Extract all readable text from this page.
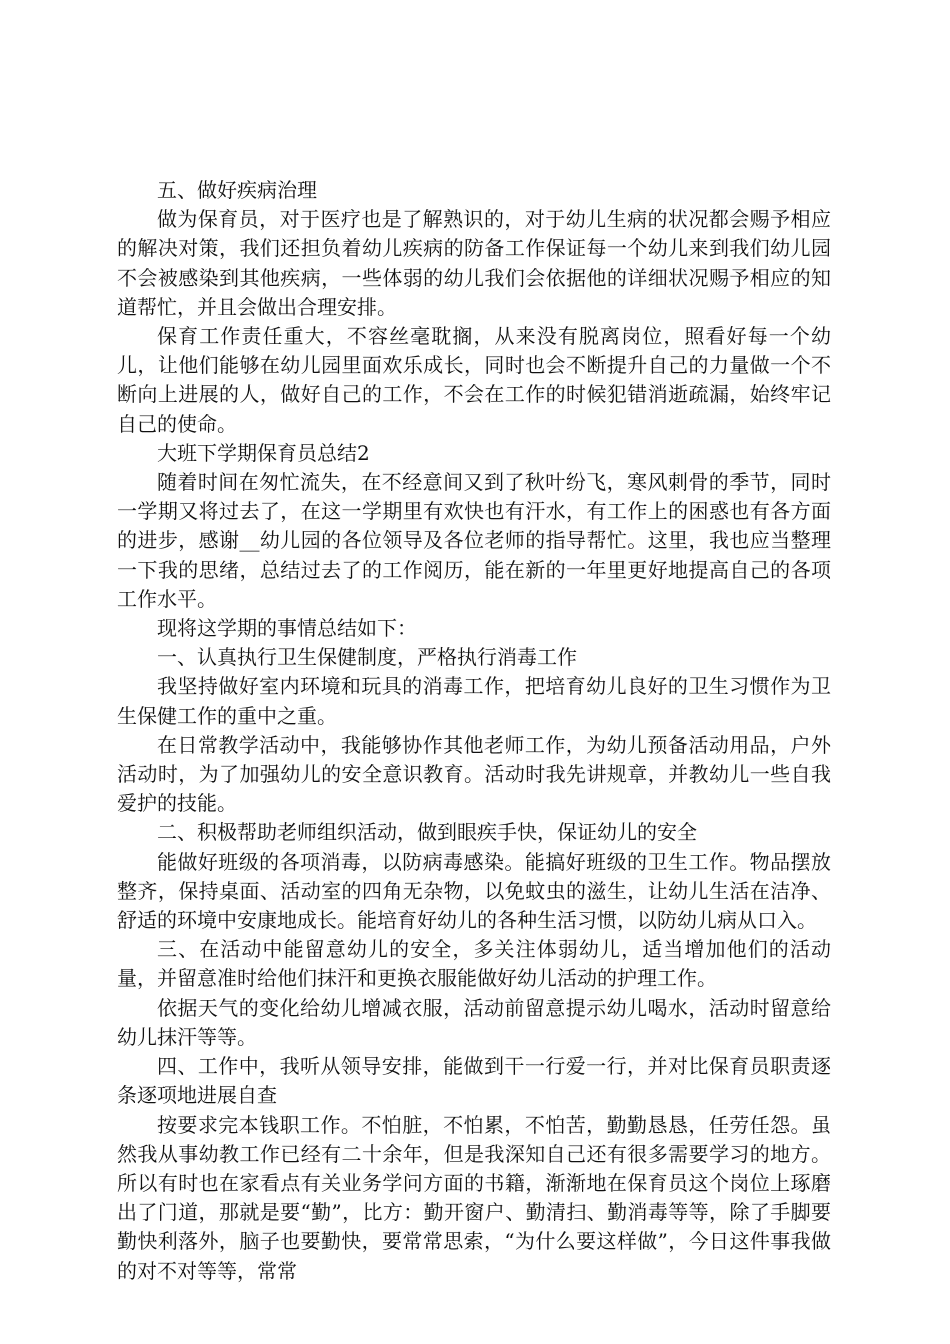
五、做好疾病治理

做为保育员，对于医疗也是了解熟识的，对于幼儿生病的状况都会赐予相应的解决对策，我们还担负着幼儿疾病的防备工作保证每一个幼儿来到我们幼儿园不会被感染到其他疾病，一些体弱的幼儿我们会依据他的详细状况赐予相应的知道帮忙，并且会做出合理安排。

保育工作责任重大，不容丝毫耽搁，从来没有脱离岗位，照看好每一个幼儿，让他们能够在幼儿园里面欢乐成长，同时也会不断提升自己的力量做一个不断向上进展的人，做好自己的工作，不会在工作的时候犯错消逝疏漏，始终牢记自己的使命。

大班下学期保育员总结2

随着时间在匆忙流失，在不经意间又到了秋叶纷飞，寒风刺骨的季节，同时一学期又将过去了，在这一学期里有欢快也有汗水，有工作上的困惑也有各方面的进步，感谢__幼儿园的各位领导及各位老师的指导帮忙。这里，我也应当整理一下我的思绪，总结过去了的工作阅历，能在新的一年里更好地提高自己的各项工作水平。

现将这学期的事情总结如下：

一、认真执行卫生保健制度，严格执行消毒工作

我坚持做好室内环境和玩具的消毒工作，把培育幼儿良好的卫生习惯作为卫生保健工作的重中之重。

在日常教学活动中，我能够协作其他老师工作，为幼儿预备活动用品，户外活动时，为了加强幼儿的安全意识教育。活动时我先讲规章，并教幼儿一些自我爱护的技能。

二、积极帮助老师组织活动，做到眼疾手快，保证幼儿的安全

能做好班级的各项消毒，以防病毒感染。能搞好班级的卫生工作。物品摆放整齐，保持桌面、活动室的四角无杂物，以免蚊虫的滋生，让幼儿生活在洁净、舒适的环境中安康地成长。能培育好幼儿的各种生活习惯，以防幼儿病从口入。

三、在活动中能留意幼儿的安全，多关注体弱幼儿，适当增加他们的活动量，并留意准时给他们抹汗和更换衣服能做好幼儿活动的护理工作。

依据天气的变化给幼儿增减衣服，活动前留意提示幼儿喝水，活动时留意给幼儿抹汗等等。

四、工作中，我听从领导安排，能做到干一行爱一行，并对比保育员职责逐条逐项地进展自查

按要求完本钱职工作。不怕脏，不怕累，不怕苦，勤勤恳恳，任劳任怨。虽然我从事幼教工作已经有二十余年，但是我深知自己还有很多需要学习的地方。所以有时也在家看点有关业务学问方面的书籍，渐渐地在保育员这个岗位上琢磨出了门道，那就是要“勤”，比方：勤开窗户、勤清扫、勤消毒等等，除了手脚要勤快利落外，脑子也要勤快，要常常思索，“为什么要这样做”，今日这件事我做的对不对等等，常常
